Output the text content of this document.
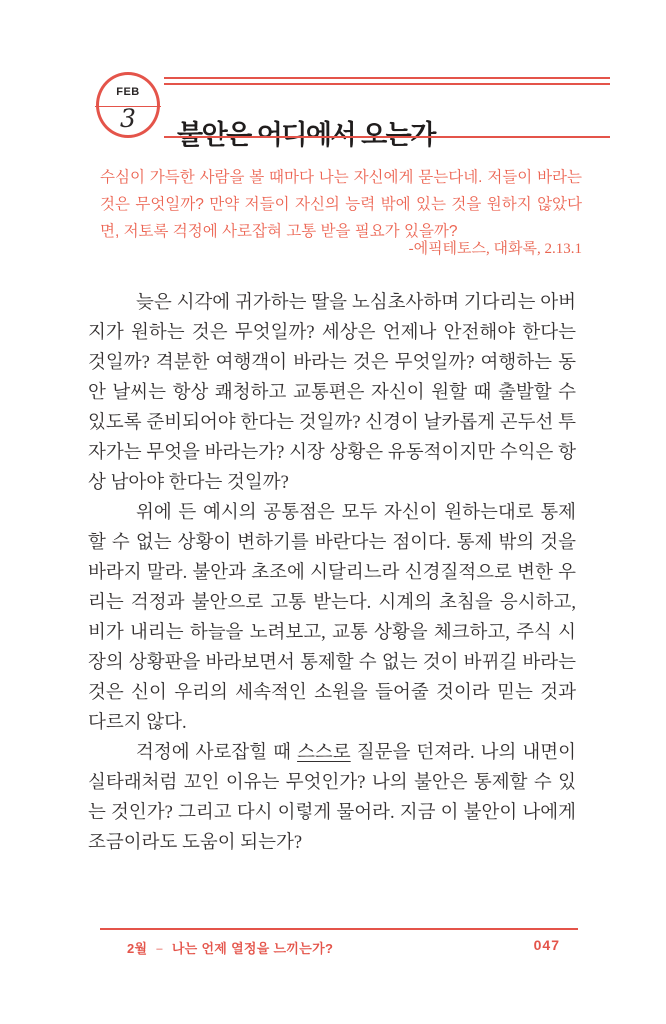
FEB
3
불안은 어디에서 오는가
수심이 가득한 사람을 볼 때마다 나는 자신에게 묻는다네. 저들이 바라는 것은 무엇일까? 만약 저들이 자신의 능력 밖에 있는 것을 원하지 않았다면, 저토록 걱정에 사로잡혀 고통 받을 필요가 있을까?
-에픽테토스, 대화록, 2.13.1

늦은 시각에 귀가하는 딸을 노심초사하며 기다리는 아버지가 원하는 것은 무엇일까? 세상은 언제나 안전해야 한다는 것일까? 격분한 여행객이 바라는 것은 무엇일까? 여행하는 동안 날씨는 항상 쾌청하고 교통편은 자신이 원할 때 출발할 수 있도록 준비되어야 한다는 것일까? 신경이 날카롭게 곤두선 투자가는 무엇을 바라는가? 시장 상황은 유동적이지만 수익은 항상 남아야 한다는 것일까?

위에 든 예시의 공통점은 모두 자신이 원하는대로 통제할 수 없는 상황이 변하기를 바란다는 점이다. 통제 밖의 것을 바라지 말라. 불안과 초조에 시달리느라 신경질적으로 변한 우리는 걱정과 불안으로 고통 받는다. 시계의 초침을 응시하고, 비가 내리는 하늘을 노려보고, 교통 상황을 체크하고, 주식 시장의 상황판을 바라보면서 통제할 수 없는 것이 바뀌길 바라는 것은 신이 우리의 세속적인 소원을 들어줄 것이라 믿는 것과 다르지 않다.

걱정에 사로잡힐 때 스스로 질문을 던져라. 나의 내면이 실타래처럼 꼬인 이유는 무엇인가? 나의 불안은 통제할 수 있는 것인가? 그리고 다시 이렇게 물어라. 지금 이 불안이 나에게 조금이라도 도움이 되는가?

2월 – 나는 언제 열정을 느끼는가?	047
